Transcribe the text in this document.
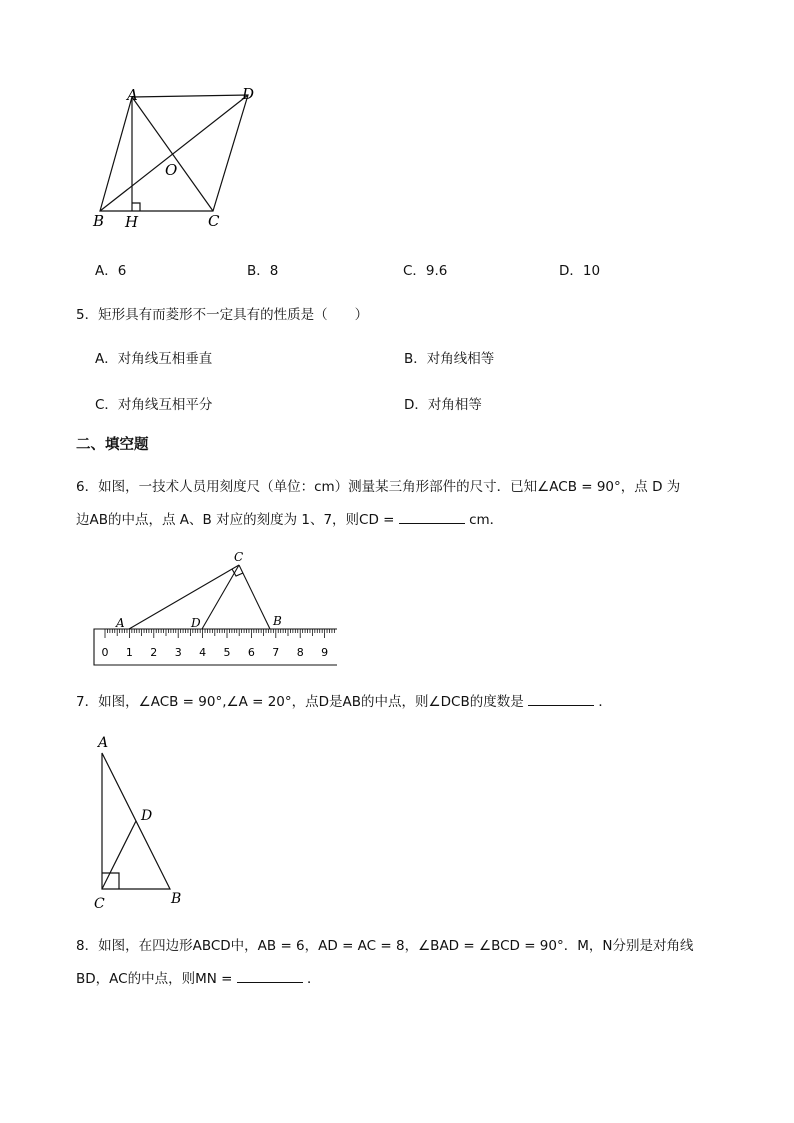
A	D
O
B H	C
A．6	B．8	C．9.6	D．10
5．矩形具有而菱形不一定具有的性质是（　　）
A．对角线互相垂直	B．对角线相等
C．对角线互相平分	D．对角相等
二、填空题
6．如图，一技术人员用刻度尺（单位：cm）测量某三角形部件的尺寸．已知∠ACB = 90°，点 D 为
边AB的中点，点 A、B 对应的刻度为 1、7，则CD =	cm．
C
A	D	B
0 1 2 3 4 5 6 7 8 9
7．如图，∠ACB = 90°,∠A = 20°，点D是AB的中点，则∠DCB的度数是	．
A
D
C	B
8．如图，在四边形ABCD中，AB = 6，AD = AC = 8，∠BAD = ∠BCD = 90°．M，N分别是对角线
BD，AC的中点，则MN =	．
